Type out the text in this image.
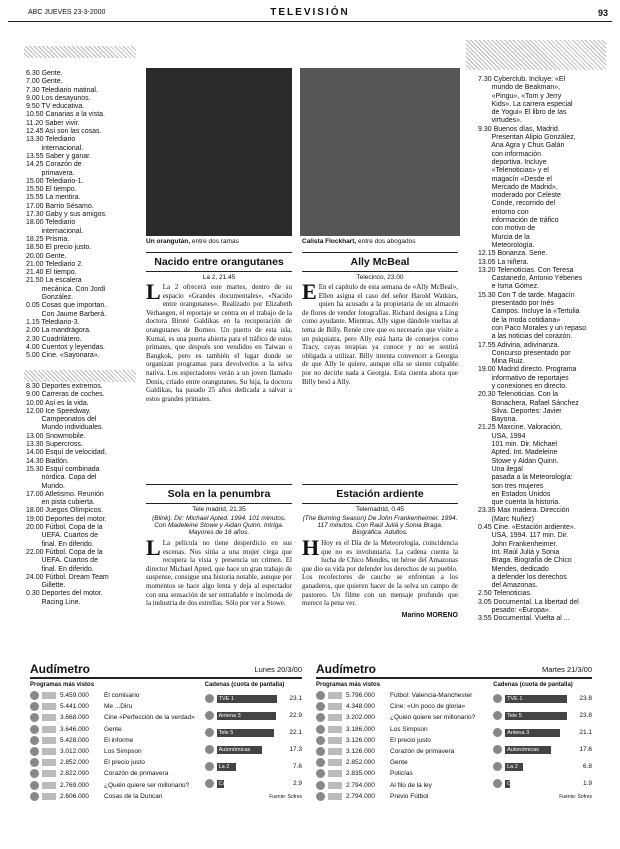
ABC JUEVES 23-3-2000	TELEVISIÓN	93
6.30 Gente.
7.00 Gente.
7.30 Telediario matinal.
9.00 Los desayunos.
9.50 TV educativa.
10.50 Canarias a la vista.
11.20 Saber vivir.
12.45 Así son las cosas.
13.30 Telediario
internacional.
13.55 Saber y ganar.
14.25 Corazón de
primavera.
15.00 Telediario-1.
15.50 El tiempo.
15.55 La mentira.
17.00 Barrio Sésamo.
17.30 Gaby y sus amigos.
18.00 Telediario
internacional.
18.25 Prisma.
18.50 El precio justo.
20.00 Gente.
21.00 Telediario 2.
21.40 El tiempo.
21.50 La escalera
mecánica. Con Jordi
González.
0.05 Cosas que importan.
Con Jaume Barberá.
1.15 Telediario-3.
2.00 La mandrágora.
2.30 Cuadrilátero.
4.00 Cuentos y leyendas.
5.00 Cine. «Sayonara».
8.30 Deportes extremos.
9.00 Carreras de coches.
10.00 Así es la vida.
12.00 Ice Speedway.
Campeonatos del
Mundo individuales.
13.00 Snowmobile.
13.30 Supercross.
14.00 Esquí de velocidad.
14.30 Biatlón.
15.30 Esquí combinada
nórdica. Copa del
Mundo.
17.00 Atletismo. Reunión
en pista cubierta.
18.00 Juegos Olímpicos.
19.00 Deportes del motor.
20.00 Fútbol. Copa de la
UEFA. Cuartos de
final. En diferido.
22.00 Fútbol. Copa de la
UEFA. Cuartos de
final. En diferido.
24.00 Fútbol. Dream Team
Gillette.
0.30 Deportes del motor.
Racing Line.
7.30 Cyberclub. Incluye: «El
mundo de Beakman»,
«Pingu», «Tom y Jerry
Kids». La carrera especial
de Yogui» El libro de las
virtudes».
9.30 Buenos días, Madrid.
Presentan Alipio González,
Ana Agra y Chus Galán
con información
deportiva. Incluye
«Telenoticias» y el
magacín «Desde el
Mercado de Madrid»,
moderado por Celeste
Conde, recorrido del
entorno con
información de tráfico
con motivo de
Murcia de la
Meteorología.
12.15 Bonanza. Serie.
13.05 La niñera.
13.20 Telenoticias. Con Teresa
Castanedo, Antonio Yébenes
e Isma Gómez.
15.30 Con T de tarde. Magacín
presentado por Inés
Campos. Incluye la «Tertulia
de la moda cotidiana»
con Paco Morales y un repaso
a las noticias del corazón.
17.55 Adivina, adivinanza.
Concurso presentado por
Mina Ruiz.
19.00 Madrid directo. Programa
informativo de reportajes
y conexiones en directo.
20.30 Telenoticias. Con la
Bonachera, Rafael Sánchez
Silva. Deportes: Javier
Bayona.
21.25 Maxcine. Valoración,
USA, 1994
101 min. Dir. Michael
Apted. Int. Madeleine
Stowe y Aidan Quinn.
Una ilegal
pasada a la Meteorología:
son tres mujeres
en Estados Unidos
que cuenta la historia.
23.35 Max madera. Dirección
(Marc Nuñez)
0.45 Cine. «Estación ardiente».
USA, 1994. 117 min. Dir.
John Frankenheimer.
Int. Raúl Juliá y Sonia
Braga. Biografía de Chico
Mendes, dedicado
a defender los derechos
del Amazonas.
2.50 Telenoticias.
3.05 Documental. La libertad del
pesado: «Europa».
3.55 Documental. Vuelta al ...
Un orangután, entre dos ramas	Calista Flockhart, entre dos abogados
Nacido entre orangutanes
La 2, 21.45
L La 2 ofrecerá este martes, dentro de su espacio «Grandes documentales», «Nacido entre orangutanes». Realizado por Elizabeth Verhaegen, el reportaje se centra en el trabajo de la doctora Biruté Galdikas en la recuperación de orangutanes de Borneo. Un puerto de esta isla, Kumai, es una puerta abierta para el tráfico de estos primates, que después son vendidos en Taiwan o Bangkok, pero es también el lugar donde se organizan programas para devolverlos a la selva nativa. Los espectadores verán a un joven llamado Denis, criado entre orangutanes. Su hija, la doctora Galdikas, ha pasado 25 años dedicada a salvar a estos grandes primates.
Ally McBeal
Telecinco, 23.00
E En el capítulo de esta semana de «Ally McBeal», Ellen asigna el caso del señor Harold Watkins, quien ha acusado a la propietaria de un almacén de flores de vender fotografías. Richard designa a Ling como ayudante. Mientras, Ally sigue dándole vueltas al tema de Billy. Renée cree que es necesario que visite a un psiquiatra, pero Ally está harta de consejos como Tracy, cuyas terapias ya conoce y no se sentirá obligada a utilizar. Billy intenta convencer a Georgia de que Ally le quiere, aunque ella se siente culpable por no decirle nada a Georgia. Esta cuenta ahora que Billy besó a Ally.
Sola en la penumbra
Tele madrid, 21.35
(Blink). Dir: Michael Apted. 1994. 101 minutos. Con Madeleine Stowe y Aidan Quinn. Intriga. Mayores de 16 años.
L La película no tiene desperdicio en sus escenas. Nos sitúa a una mujer ciega que recupera la vista y presencia un crimen. El director Michael Apted, que hace un gran trabajo de suspense, consigue una historia notable, aunque por momentos se hace algo lenta y deja al espectador con una sensación de ser entrañable e incómoda de la industria de dos estrellas. Sólo por ver a Stowe.
Estación ardiente
Telemadrid, 0.45
(The Burning Season) De John Frankenheimer. 1994. 117 minutos. Con Raúl Juliá y Sonia Braga. Biográfica. Adultos.
H Hoy es el Día de la Meteorología, coincidencia que no es involuntaria. La cadena cuenta la lucha de Chico Mendes, un héroe del Amazonas que dio su vida por defender los derechos de su pueblo. Los recolectores de caucho se enfrentan a los ganaderos, que quieren hacer de la selva un campo de pastoreo. Un filme con un mensaje profundo que merece la pena ver.
Marino MORENO
Audímetro	Lunes 20/3/00
Programas más vistos
5.459.000	El comisario
5.441.000	Me ...Diru
3.668.000	Cine «Perfección de la verdad»
3.646.000	Gente
5.428.000	El informe
3.012.000	Los Simpson
2.852.000	El precio justo
2.822.000	Corazón de primavera
2.769.000	¿Quién quiere ser millonario?
2.606.000	Cosas de la Duncan
Cadenas (cuota de pantalla)
TVE 1	23.1
Antena 3	22.9
Tele 5	22.1
Autonómicas	17.3
La 2	7.6
Canal +	2.9
Fuente: Sofres
Audímetro	Martes 21/3/00
Programas más vistos
5.796.000	Fútbol: Valencia-Manchester
4.348.000	Cine: «Un poco de gloria»
3.202.000	¿Quién quiere ser millonario?
3.186.000	Los Simpson
3.126.000	El precio justo
3.126.000	Corazón de primavera
2.852.000	Gente
2.835.000	Policías
2.794.000	Al filo de la ley
2.794.000	Previo Fútbol
Cadenas (cuota de pantalla)
TVE 1	23.8
Tele 5	23.8
Antena 3	21.1
Autonómicas	17.6
La 2	6.8
Canal +	1.9
Fuente: Sofres
